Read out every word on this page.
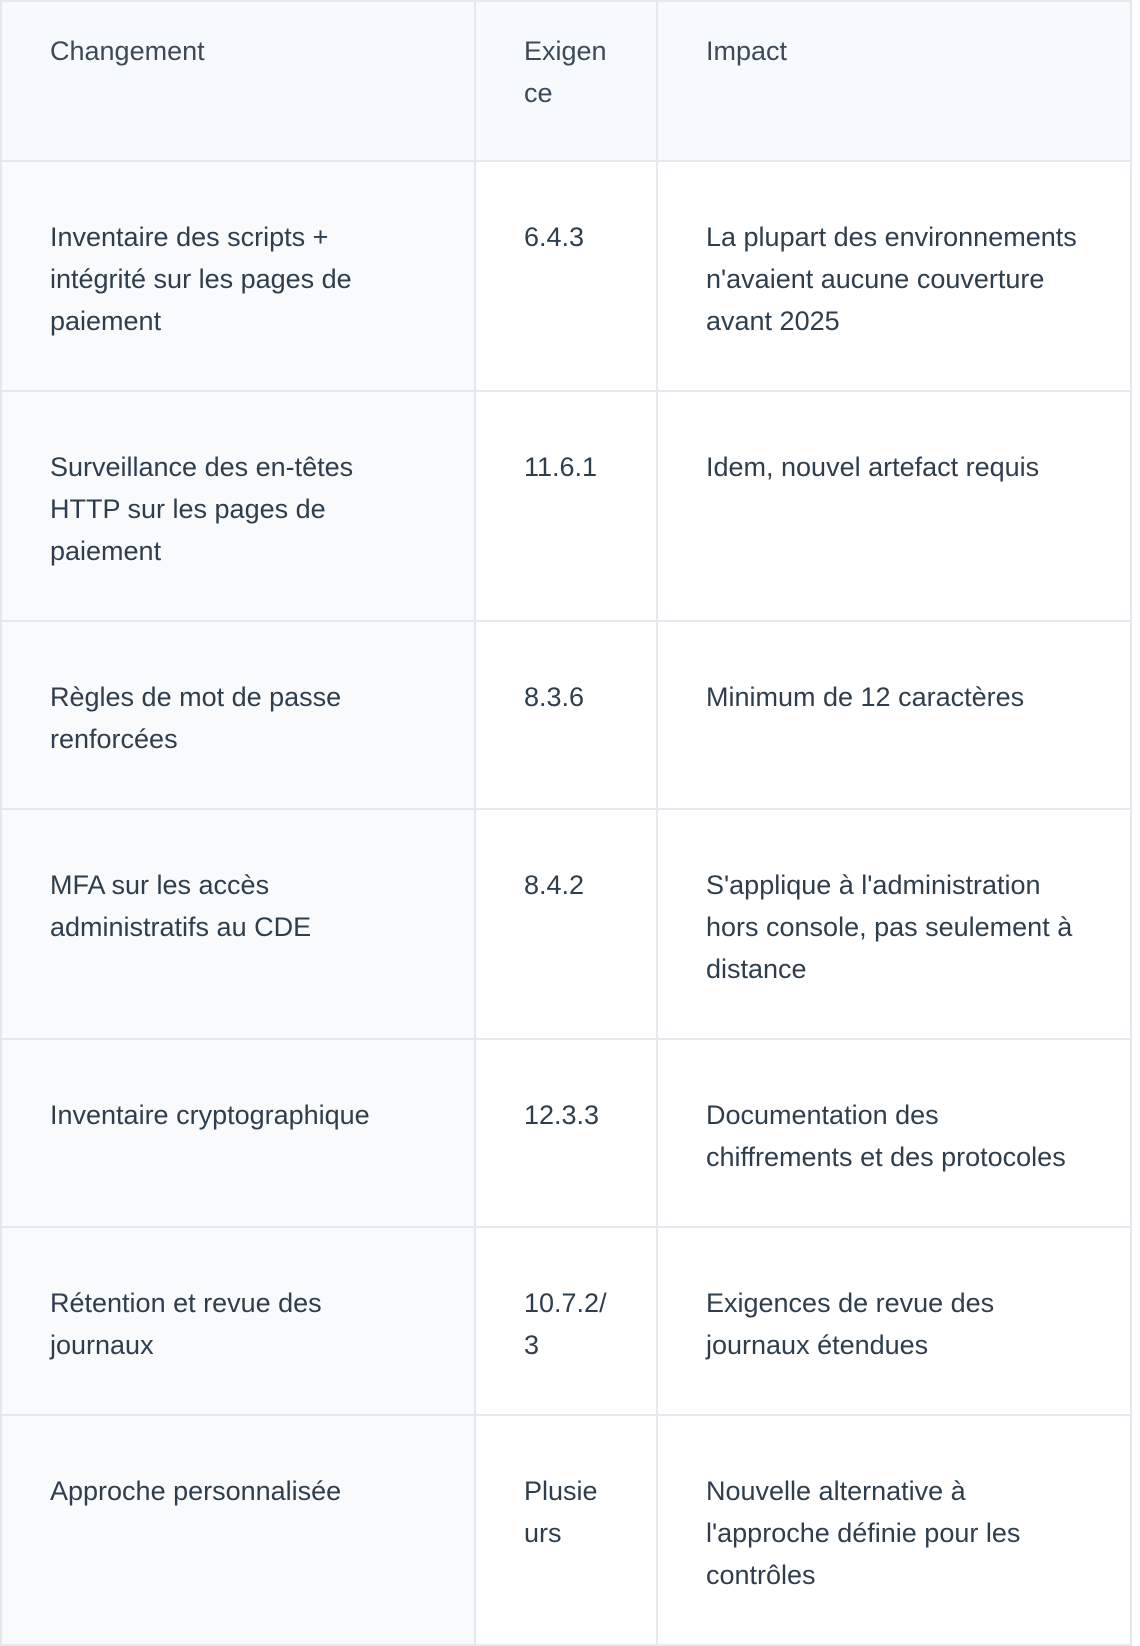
Changement	Exigence	Impact
Inventaire des scripts + intégrité sur les pages de paiement	6.4.3	La plupart des environnements n'avaient aucune couverture avant 2025
Surveillance des en-têtes HTTP sur les pages de paiement	11.6.1	Idem, nouvel artefact requis
Règles de mot de passe renforcées	8.3.6	Minimum de 12 caractères
MFA sur les accès administratifs au CDE	8.4.2	S'applique à l'administration hors console, pas seulement à distance
Inventaire cryptographique	12.3.3	Documentation des chiffrements et des protocoles
Rétention et revue des journaux	10.7.2/3	Exigences de revue des journaux étendues
Approche personnalisée	Plusieurs	Nouvelle alternative à l'approche définie pour les contrôles
